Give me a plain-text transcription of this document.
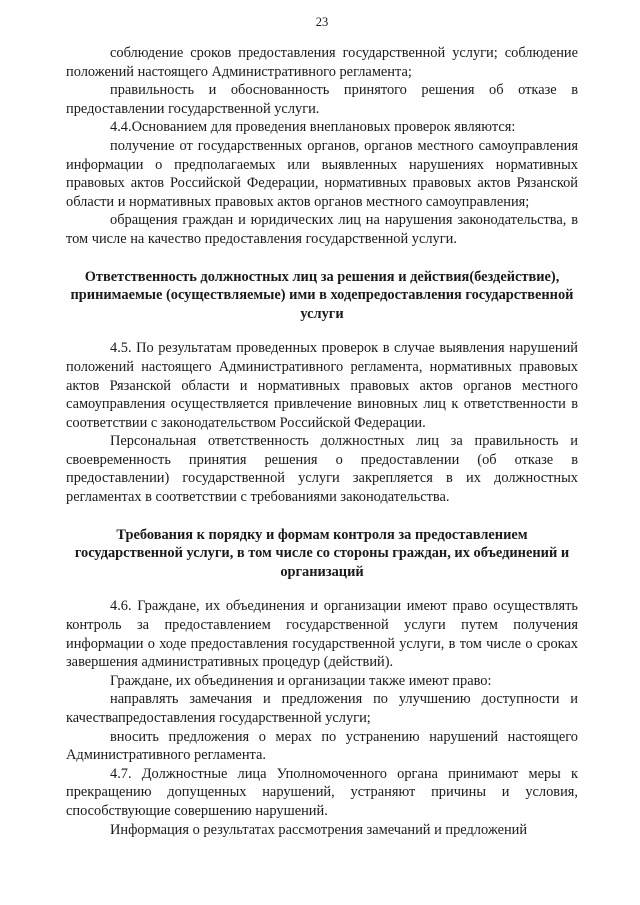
23

соблюдение сроков предоставления государственной услуги; соблюдение положений настоящего Административного регламента;

правильность и обоснованность принятого решения об отказе в предоставлении государственной услуги.

4.4.Основанием для проведения внеплановых проверок являются:

получение от государственных органов, органов местного самоуправления информации о предполагаемых или выявленных нарушениях нормативных правовых актов Российской Федерации, нормативных правовых актов Рязанской области и нормативных правовых актов органов местного самоуправления;

обращения граждан и юридических лиц на нарушения законодательства, в том числе на качество предоставления государственной услуги.

Ответственность должностных лиц за решения и действия(бездействие), принимаемые (осуществляемые) ими в ходепредоставления государственной услуги

4.5. По результатам проведенных проверок в случае выявления нарушений положений настоящего Административного регламента, нормативных правовых актов Рязанской области и нормативных правовых актов органов местного самоуправления осуществляется привлечение виновных лиц к ответственности в соответствии с законодательством Российской Федерации.

Персональная ответственность должностных лиц за правильность и своевременность принятия решения о предоставлении (об отказе в предоставлении) государственной услуги закрепляется в их должностных регламентах в соответствии с требованиями законодательства.

Требования к порядку и формам контроля за предоставлением государственной услуги, в том числе со стороны граждан, их объединений и организаций

4.6. Граждане, их объединения и организации имеют право осуществлять контроль за предоставлением государственной услуги путем получения информации о ходе предоставления государственной услуги, в том числе о сроках завершения административных процедур (действий).

Граждане, их объединения и организации также имеют право:

направлять замечания и предложения по улучшению доступности и качествапредоставления государственной услуги;

вносить предложения о мерах по устранению нарушений настоящего Административного регламента.

4.7. Должностные лица Уполномоченного органа принимают меры к прекращению допущенных нарушений, устраняют причины и условия, способствующие совершению нарушений.

Информация о результатах рассмотрения замечаний и предложений
